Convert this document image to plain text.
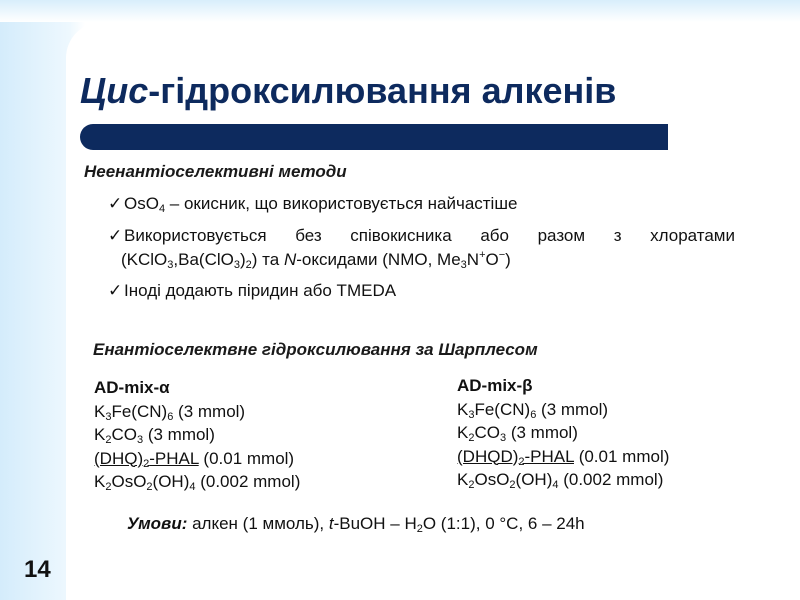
Цис-гідроксилювання алкенів
Неенантіоселективні методи
✓ OsO$_4$ – окисник, що використовується найчастіше
✓ Використовується без співокисника або разом з хлоратами
$(KClO_3,Ba(ClO_3)_2)$ та N-оксидами (NMO, $Me_3N^+O^-$)
✓ Іноді додають піридин або TMEDA
Енантіоселектвне гідроксилювання за Шарплесом
AD-mix-α
$K_3Fe(CN)_6$ (3 mmol)
$K_2CO_3$ (3 mmol)
$(DHQ)_2$-PHAL (0.01 mmol)
$K_2OsO_2(OH)_4$ (0.002 mmol)
AD-mix-β
$K_3Fe(CN)_6$ (3 mmol)
$K_2CO_3$ (3 mmol)
$(DHQD)_2$-PHAL (0.01 mmol)
$K_2OsO_2(OH)_4$ (0.002 mmol)
Умови: алкен (1 ммоль), t-BuOH – $H_2O$ (1:1), 0 °C, 6 – 24h
14
